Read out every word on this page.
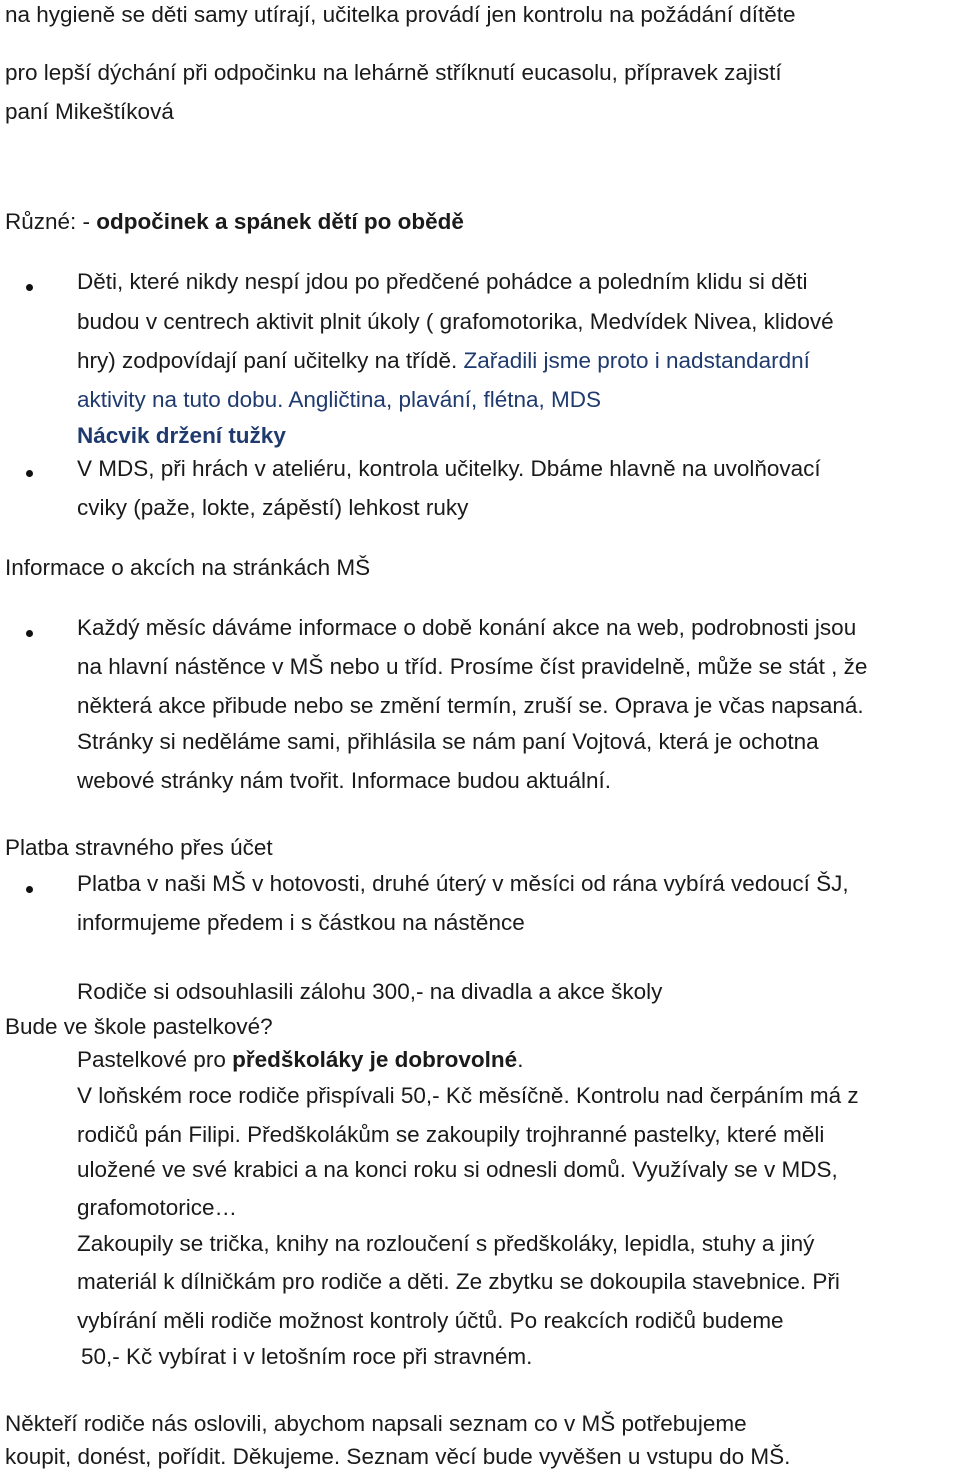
na hygieně se děti samy utírají, učitelka provádí jen kontrolu na požádání dítěte
pro lepší dýchání při odpočinku na lehárně stříknutí eucasolu, přípravek zajistí
paní Mikeštíková
Různé: - odpočinek a spánek dětí po obědě
Děti, které nikdy nespí jdou po předčené pohádce a poledním klidu si děti
budou v centrech aktivit plnit úkoly ( grafomotorika, Medvídek Nivea, klidové
hry) zodpovídají paní učitelky na třídě. Zařadili jsme proto i nadstandardní
aktivity na tuto dobu. Angličtina, plavání, flétna, MDS
Nácvik držení tužky
V MDS, při hrách v ateliéru, kontrola učitelky. Dbáme hlavně na uvolňovací
cviky (paže, lokte, zápěstí) lehkost ruky
Informace o akcích na stránkách MŠ
Každý měsíc dáváme informace o době konání akce na web, podrobnosti jsou
na hlavní nástěnce v MŠ nebo u tříd. Prosíme číst pravidelně, může se stát , že
některá akce přibude nebo se změní termín, zruší se. Oprava je včas napsaná.
Stránky si neděláme sami, přihlásila se nám paní Vojtová, která je ochotna
webové stránky nám tvořit. Informace budou aktuální.
Platba stravného přes účet
Platba v naši MŠ v hotovosti, druhé úterý v měsíci od rána vybírá vedoucí ŠJ,
informujeme předem i s částkou na nástěnce
Rodiče si odsouhlasili zálohu 300,- na divadla a akce školy
Bude ve škole pastelkové?
Pastelkové pro předškoláky je dobrovolné.
V loňském roce rodiče přispívali 50,- Kč měsíčně. Kontrolu nad čerpáním má z
rodičů pán Filipi. Předškolákům se zakoupily trojhranné pastelky, které měli
uložené ve své krabici a na konci roku si odnesli domů. Využívaly se v MDS,
grafomotorice…
Zakoupily se trička, knihy na rozloučení s předškoláky, lepidla, stuhy a jiný
materiál k dílničkám pro rodiče a děti. Ze zbytku se dokoupila stavebnice. Při
vybírání měli rodiče možnost kontroly účtů. Po reakcích rodičů budeme
50,- Kč vybírat i v letošním roce při stravném.
Někteří rodiče nás oslovili, abychom napsali seznam co v MŠ potřebujeme
koupit, donést, pořídit. Děkujeme. Seznam věcí bude vyvěšen u vstupu do MŠ.
